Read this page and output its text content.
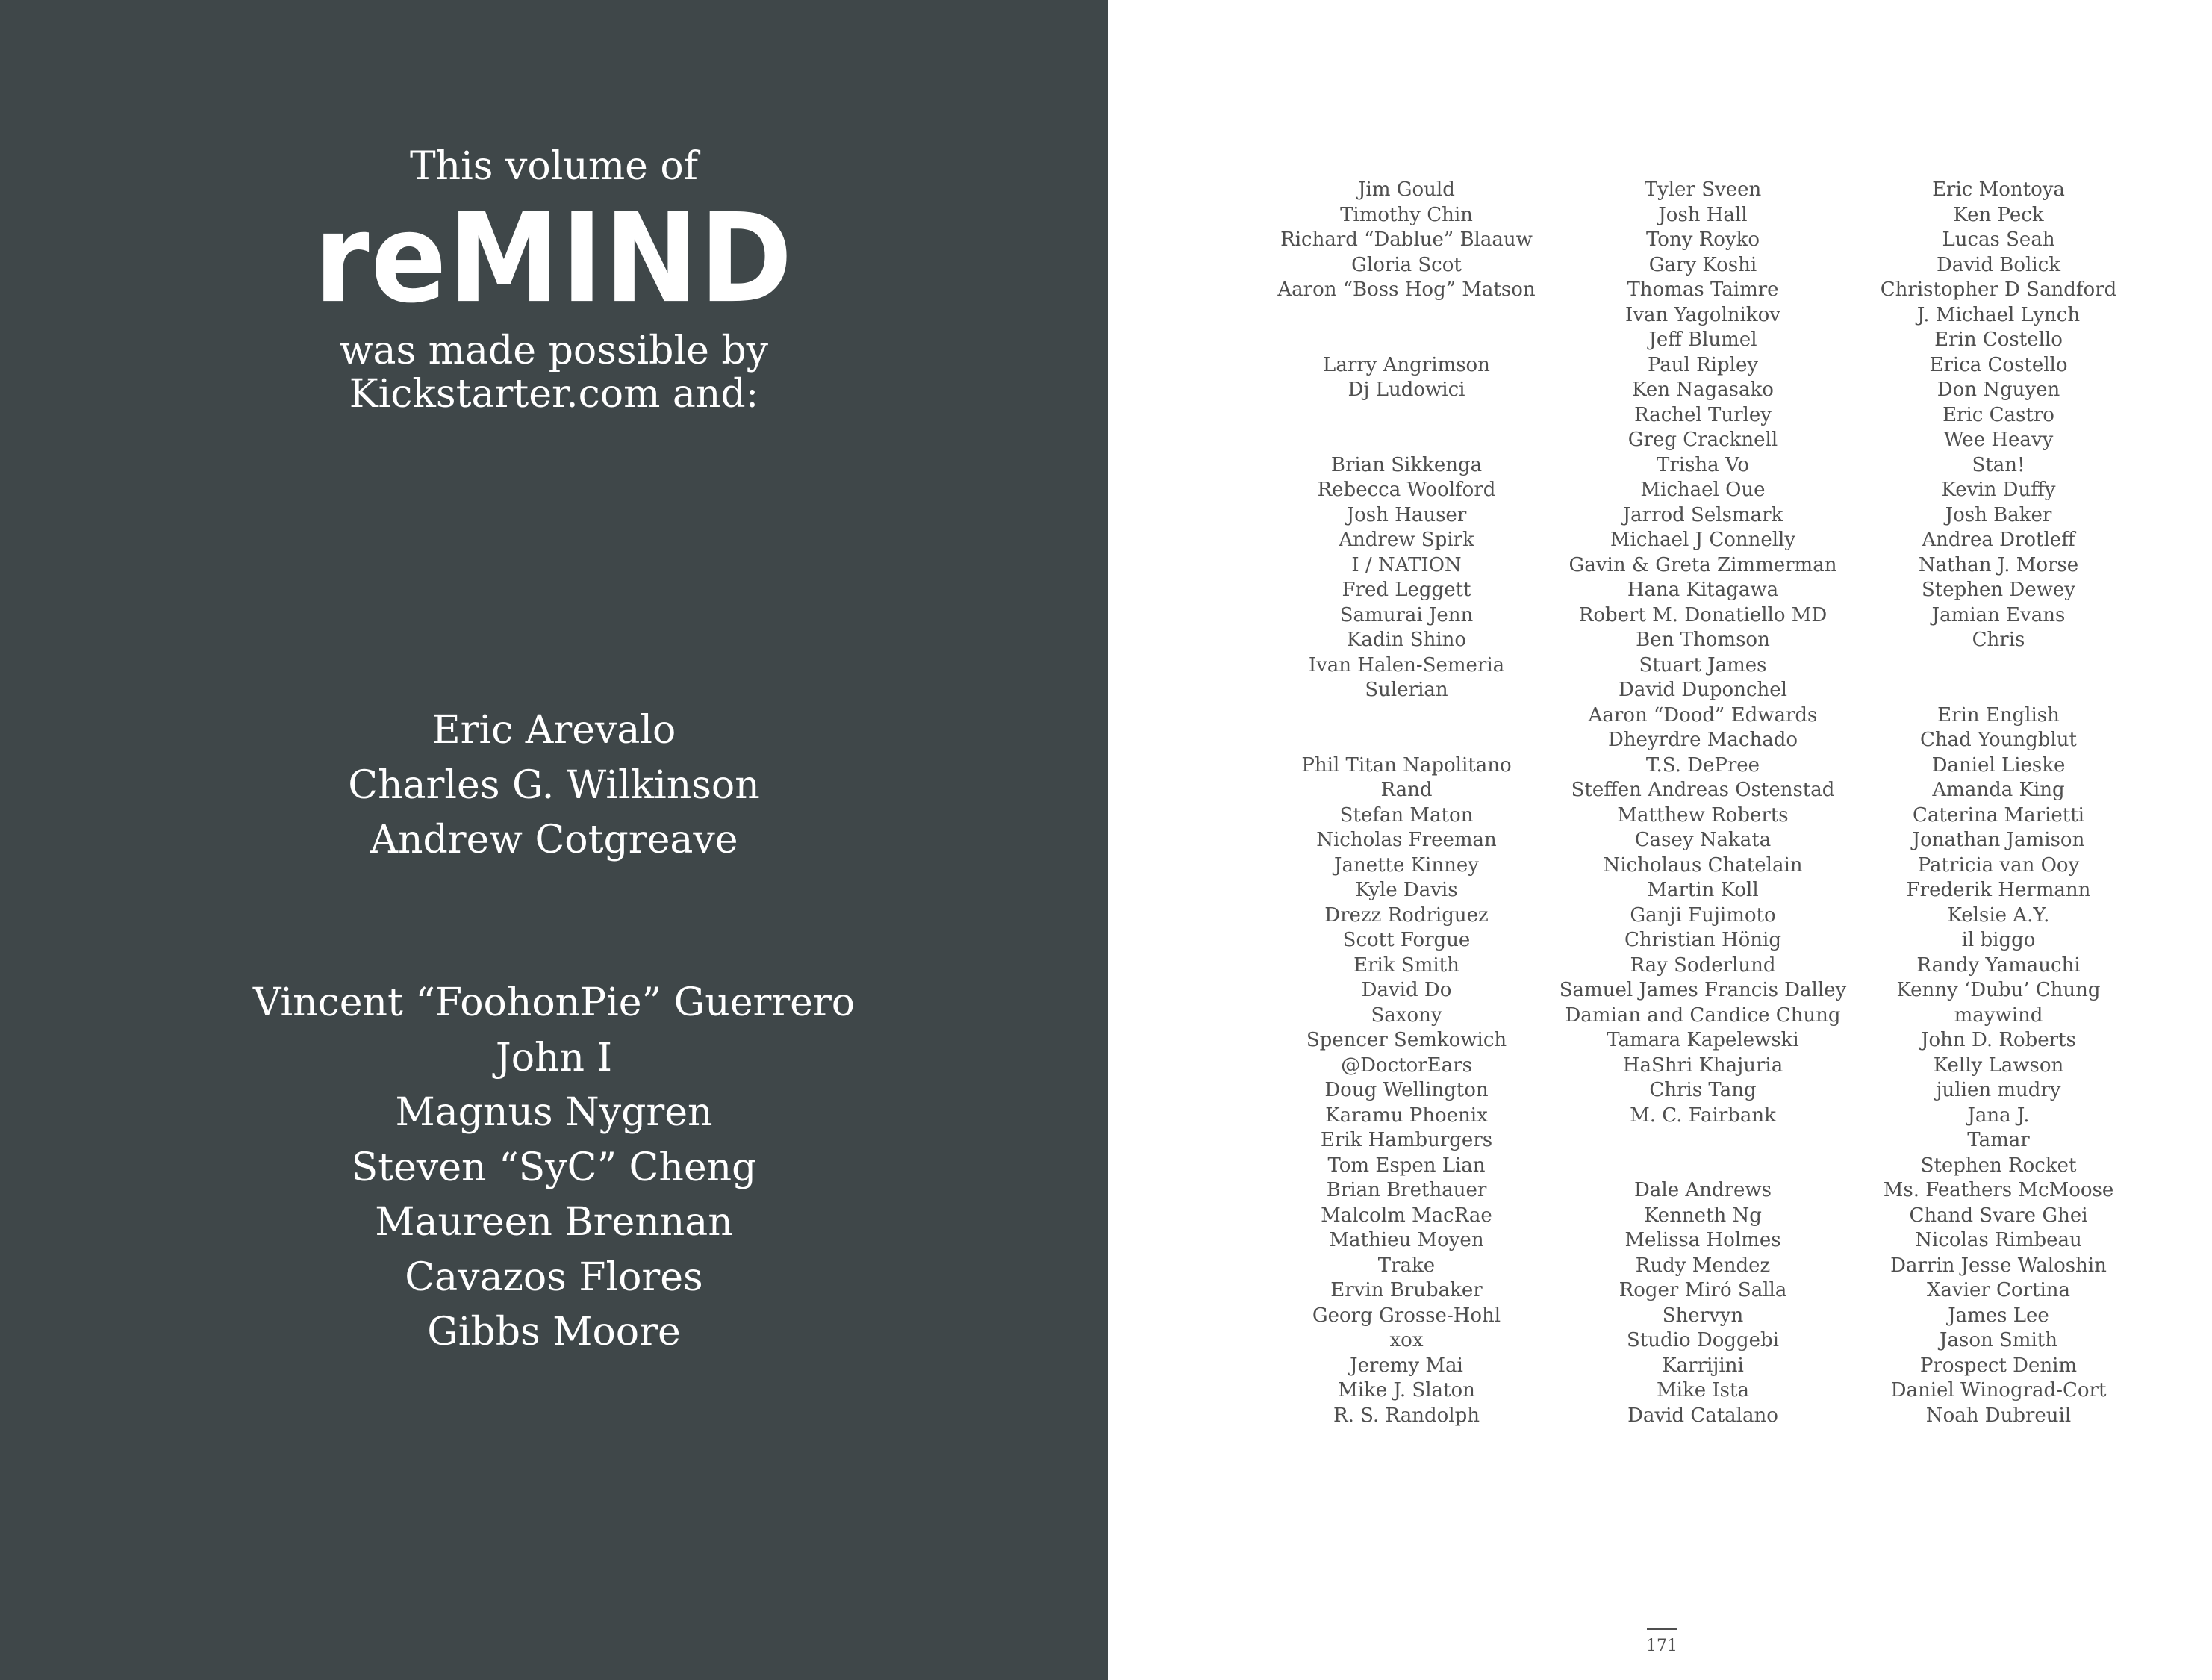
This volume of
reMIND
was made possible by
Kickstarter.com and:
Eric Arevalo
Charles G. Wilkinson
Andrew Cotgreave
Vincent “FoohonPie” Guerrero
John I
Magnus Nygren
Steven “SyC” Cheng
Maureen Brennan
Cavazos Flores
Gibbs Moore
Jim Gould
Timothy Chin
Richard “Dablue” Blaauw
Gloria Scot
Aaron “Boss Hog” Matson
Larry Angrimson
Dj Ludowici
Brian Sikkenga
Rebecca Woolford
Josh Hauser
Andrew Spirk
I / NATION
Fred Leggett
Samurai Jenn
Kadin Shino
Ivan Halen-Semeria
Sulerian
Phil Titan Napolitano
Rand
Stefan Maton
Nicholas Freeman
Janette Kinney
Kyle Davis
Drezz Rodriguez
Scott Forgue
Erik Smith
David Do
Saxony
Spencer Semkowich
@DoctorEars
Doug Wellington
Karamu Phoenix
Erik Hamburgers
Tom Espen Lian
Brian Brethauer
Malcolm MacRae
Mathieu Moyen
Trake
Ervin Brubaker
Georg Grosse-Hohl
xox
Jeremy Mai
Mike J. Slaton
R. S. Randolph
Tyler Sveen
Josh Hall
Tony Royko
Gary Koshi
Thomas Taimre
Ivan Yagolnikov
Jeff Blumel
Paul Ripley
Ken Nagasako
Rachel Turley
Greg Cracknell
Trisha Vo
Michael Oue
Jarrod Selsmark
Michael J Connelly
Gavin & Greta Zimmerman
Hana Kitagawa
Robert M. Donatiello MD
Ben Thomson
Stuart James
David Duponchel
Aaron “Dood” Edwards
Dheyrdre Machado
T.S. DePree
Steffen Andreas Ostenstad
Matthew Roberts
Casey Nakata
Nicholaus Chatelain
Martin Koll
Ganji Fujimoto
Christian Hönig
Ray Soderlund
Samuel James Francis Dalley
Damian and Candice Chung
Tamara Kapelewski
HaShri Khajuria
Chris Tang
M. C. Fairbank
Dale Andrews
Kenneth Ng
Melissa Holmes
Rudy Mendez
Roger Miró Salla
Shervyn
Studio Doggebi
Karrijini
Mike Ista
David Catalano
Eric Montoya
Ken Peck
Lucas Seah
David Bolick
Christopher D Sandford
J. Michael Lynch
Erin Costello
Erica Costello
Don Nguyen
Eric Castro
Wee Heavy
Stan!
Kevin Duffy
Josh Baker
Andrea Drotleff
Nathan J. Morse
Stephen Dewey
Jamian Evans
Chris
Erin English
Chad Youngblut
Daniel Lieske
Amanda King
Caterina Marietti
Jonathan Jamison
Patricia van Ooy
Frederik Hermann
Kelsie A.Y.
il biggo
Randy Yamauchi
Kenny ‘Dubu’ Chung
maywind
John D. Roberts
Kelly Lawson
julien mudry
Jana J.
Tamar
Stephen Rocket
Ms. Feathers McMoose
Chand Svare Ghei
Nicolas Rimbeau
Darrin Jesse Waloshin
Xavier Cortina
James Lee
Jason Smith
Prospect Denim
Daniel Winograd-Cort
Noah Dubreuil
171
